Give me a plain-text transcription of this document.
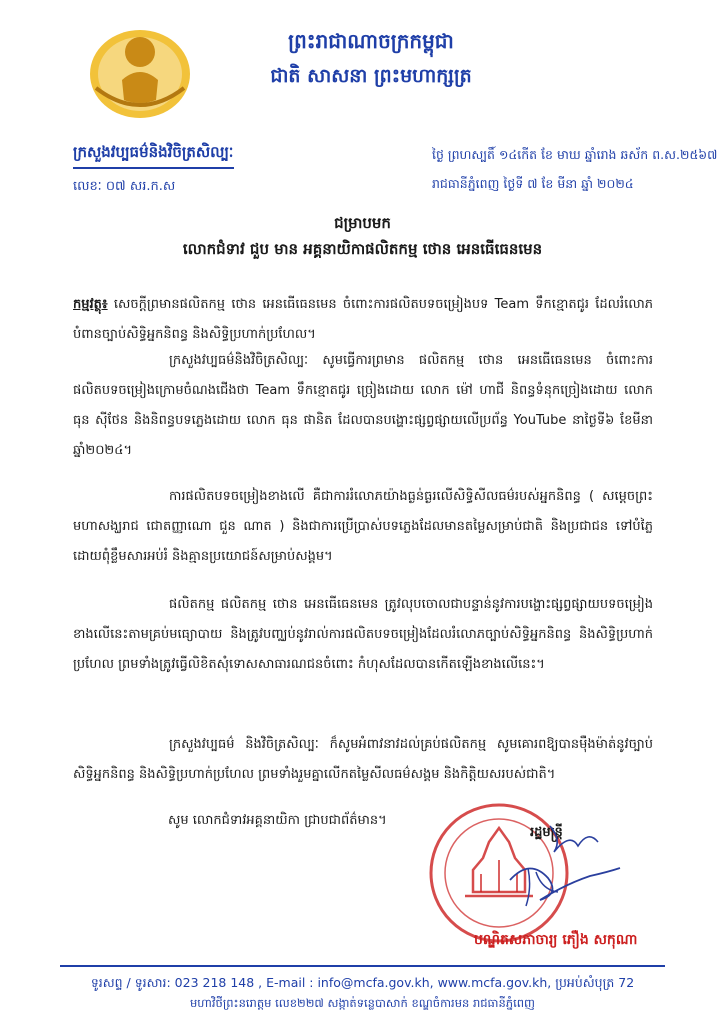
ព្រះរាជាណាចក្រកម្ពុជា
ជាតិ សាសនា ព្រះមហាក្សត្រ
ក្រសួងវប្បធម៌និងវិចិត្រសិល្បៈ
លេខៈ ០៧ សរ.ក.ស
ថ្ងៃ ព្រហស្បតិ៍ ១៤កើត ខែ មាឃ ឆ្នាំរោង ឆស័ក ព.ស.២៥៦៧
រាជធានីភ្នំពេញ ថ្ងៃទី ៧ ខែ មីនា ឆ្នាំ ២០២៤
ជម្រាបមក
លោកជំទាវ ជួប មាន អគ្គនាយិកាផលិតកម្ម ថោន អេនធើធេនមេន
កម្មវត្ថុ៖ សេចក្តីព្រមានផលិតកម្ម ថោន អេនធើធេនមេន ចំពោះការផលិតបទចម្រៀងបទ Team ទឹកខ្មោតជូរ ដែលរំលោភបំពានច្បាប់សិទ្ធិអ្នកនិពន្ធ និងសិទ្ធិប្រហាក់ប្រហែល។
ក្រសួងវប្បធម៌និងវិចិត្រសិល្បៈ សូមធ្វើការព្រមាន ផលិតកម្ម ថោន អេនធើធេនមេន ចំពោះការផលិតបទចម្រៀងក្រោមចំណងជើងថា Team ទឹកខ្មោតជូរ ច្រៀងដោយ លោក ម៉ៅ ហាជី និពន្ធទំនុកច្រៀងដោយ លោក ធុន ស៊ីថែន និងនិពន្ធបទភ្លេងដោយ លោក ធុន ផានិត ដែលបានបង្ហោះផ្សព្វផ្សាយលើប្រព័ន្ធ YouTube នាថ្ងៃទី៦ ខែមីនា ឆ្នាំ២០២៤។
ការផលិតបទចម្រៀងខាងលើ គឺជាការរំលោភយ៉ាងធ្ងន់ធ្ងរលើសិទ្ធិសីលធម៌របស់អ្នកនិពន្ធ ( សម្តេចព្រះមហាសង្ឃរាជ ជោតញ្ញាណោ ជួន ណាត ) និងជាការប្រើប្រាស់បទភ្លេងដែលមានតម្លៃសម្រាប់ជាតិ និងប្រជាជន ទៅបំភ្លៃដោយពុំខ្លឹមសារអប់រំ និងគ្មានប្រយោជន៍សម្រាប់សង្គម។
ផលិតកម្ម ផលិតកម្ម ថោន អេនធើធេនមេន ត្រូវលុបចោលជាបន្ទាន់នូវការបង្ហោះផ្សព្វផ្សាយបទចម្រៀងខាងលើនេះតាមគ្រប់មធ្យោបាយ និងត្រូវបញ្ឈប់នូវរាល់ការផលិតបទចម្រៀងដែលរំលោភច្បាប់សិទ្ធិអ្នកនិពន្ធ និងសិទ្ធិប្រហាក់ប្រហែល ព្រមទាំងត្រូវធ្វើលិខិតសុំទោសសាធារណជនចំពោះ កំហុសដែលបានកើតឡើងខាងលើនេះ។
ក្រសួងវប្បធម៌ និងវិចិត្រសិល្បៈ ក៏សូមអំពាវនាវដល់គ្រប់ផលិតកម្ម សូមគោរពឱ្យបានម៉ឺងម៉ាត់នូវច្បាប់សិទ្ធិអ្នកនិពន្ធ និងសិទ្ធិប្រហាក់ប្រហែល ព្រមទាំងរួមគ្នាលើកតម្លៃសីលធម៌សង្គម និងកិត្តិយសរបស់ជាតិ។
សូម លោកជំទាវអគ្គនាយិកា ជ្រាបជាព័ត៌មាន។
រដ្ឋមន្ត្រី
បណ្ឌិតសភាចារ្យ ភឿង សកុណា
ទូរសព្ទ / ទូរសារ: 023 218 148 , E-mail : info@mcfa.gov.kh, www.mcfa.gov.kh, ប្រអប់សំបុត្រ 72
មហាវិថីព្រះនរោត្តម លេខ២២៧ សង្កាត់ទន្លេបាសាក់ ខណ្ឌចំការមន រាជធានីភ្នំពេញ
